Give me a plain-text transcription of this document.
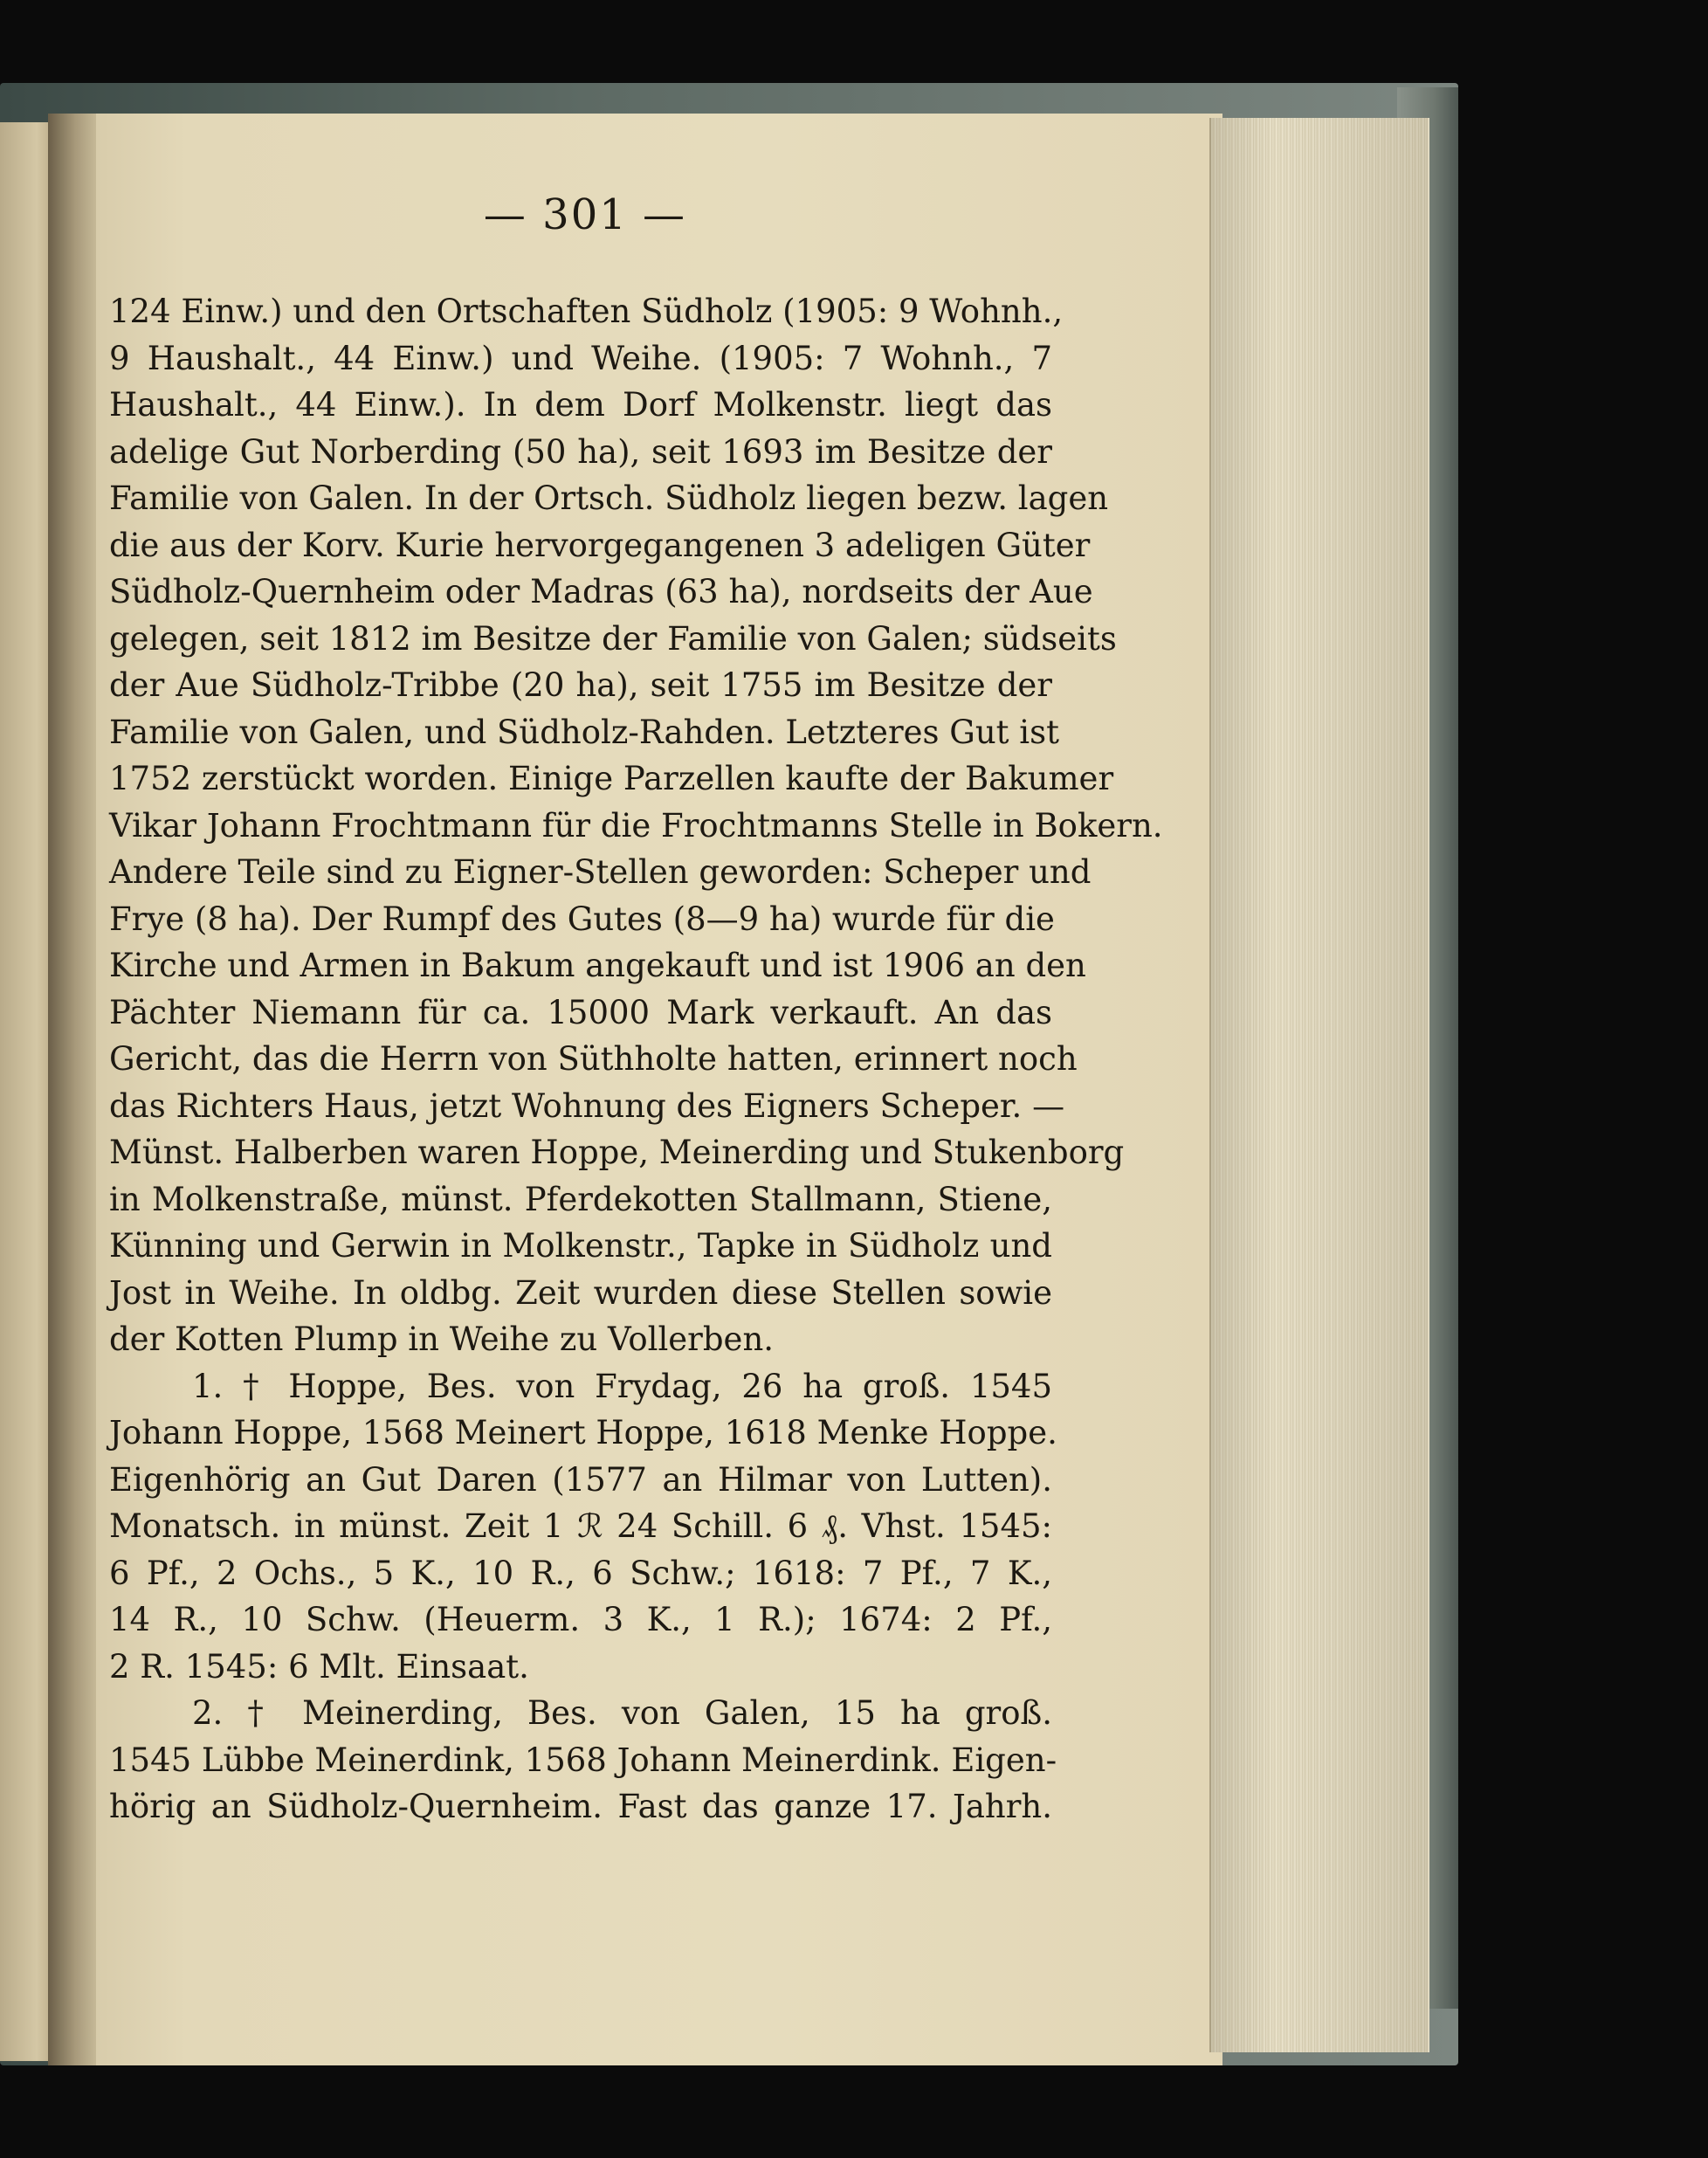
— 301 —
124 Einw.) und den Ortschaften Südholz (1905: 9 Wohnh.,
9 Haushalt., 44 Einw.) und Weihe. (1905: 7 Wohnh., 7
Haushalt., 44 Einw.). In dem Dorf Molkenstr. liegt das
adelige Gut Norberding (50 ha), seit 1693 im Besitze der
Familie von Galen. In der Ortsch. Südholz liegen bezw. lagen
die aus der Korv. Kurie hervorgegangenen 3 adeligen Güter
Südholz-Quernheim oder Madras (63 ha), nordseits der Aue
gelegen, seit 1812 im Besitze der Familie von Galen; südseits
der Aue Südholz-Tribbe (20 ha), seit 1755 im Besitze der
Familie von Galen, und Südholz-Rahden. Letzteres Gut ist
1752 zerstückt worden. Einige Parzellen kaufte der Bakumer
Vikar Johann Frochtmann für die Frochtmanns Stelle in Bokern.
Andere Teile sind zu Eigner-Stellen geworden: Scheper und
Frye (8 ha). Der Rumpf des Gutes (8—9 ha) wurde für die
Kirche und Armen in Bakum angekauft und ist 1906 an den
Pächter Niemann für ca. 15000 Mark verkauft. An das
Gericht, das die Herrn von Süthholte hatten, erinnert noch
das Richters Haus, jetzt Wohnung des Eigners Scheper. —
Münst. Halberben waren Hoppe, Meinerding und Stukenborg
in Molkenstraße, münst. Pferdekotten Stallmann, Stiene,
Künning und Gerwin in Molkenstr., Tapke in Südholz und
Jost in Weihe. In oldbg. Zeit wurden diese Stellen sowie
der Kotten Plump in Weihe zu Vollerben.
1. † Hoppe, Bes. von Frydag, 26 ha groß. 1545
Johann Hoppe, 1568 Meinert Hoppe, 1618 Menke Hoppe.
Eigenhörig an Gut Daren (1577 an Hilmar von Lutten).
Monatsch. in münst. Zeit 1 ℛ 24 Schill. 6 ₰. Vhst. 1545:
6 Pf., 2 Ochs., 5 K., 10 R., 6 Schw.; 1618: 7 Pf., 7 K.,
14 R., 10 Schw. (Heuerm. 3 K., 1 R.); 1674: 2 Pf.,
2 R. 1545: 6 Mlt. Einsaat.
2. † Meinerding, Bes. von Galen, 15 ha groß.
1545 Lübbe Meinerdink, 1568 Johann Meinerdink. Eigen-
hörig an Südholz-Quernheim. Fast das ganze 17. Jahrh.
